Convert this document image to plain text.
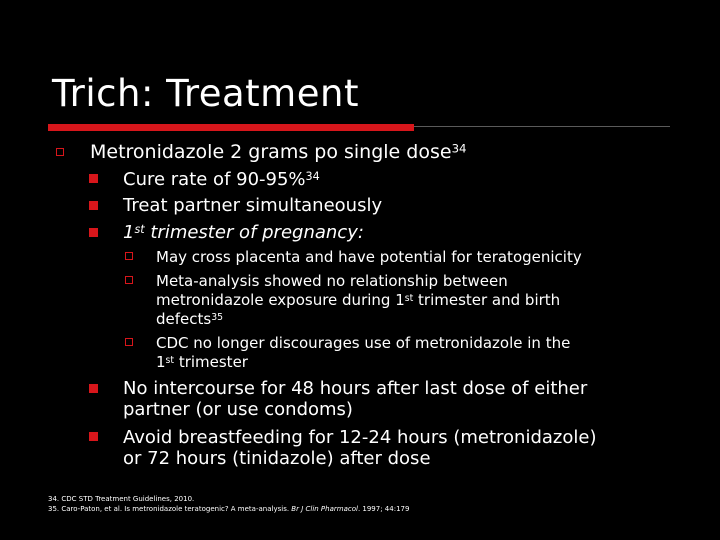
Trich: Treatment
Metronidazole 2 grams po single dose$^{34}$
Cure rate of 90-95%$^{34}$
Treat partner simultaneously
1st trimester of pregnancy:
May cross placenta and have potential for teratogenicity
Meta-analysis showed no relationship between
metronidazole exposure during 1st trimester and birth
defects$^{35}$
CDC no longer discourages use of metronidazole in the
1st trimester
No intercourse for 48 hours after last dose of either
partner (or use condoms)
Avoid breastfeeding for 12-24 hours (metronidazole)
or 72 hours (tinidazole) after dose
34. CDC STD Treatment Guidelines, 2010.
35. Caro-Paton, et al. Is metronidazole teratogenic? A meta-analysis. Br J Clin Pharmacol. 1997; 44:179
